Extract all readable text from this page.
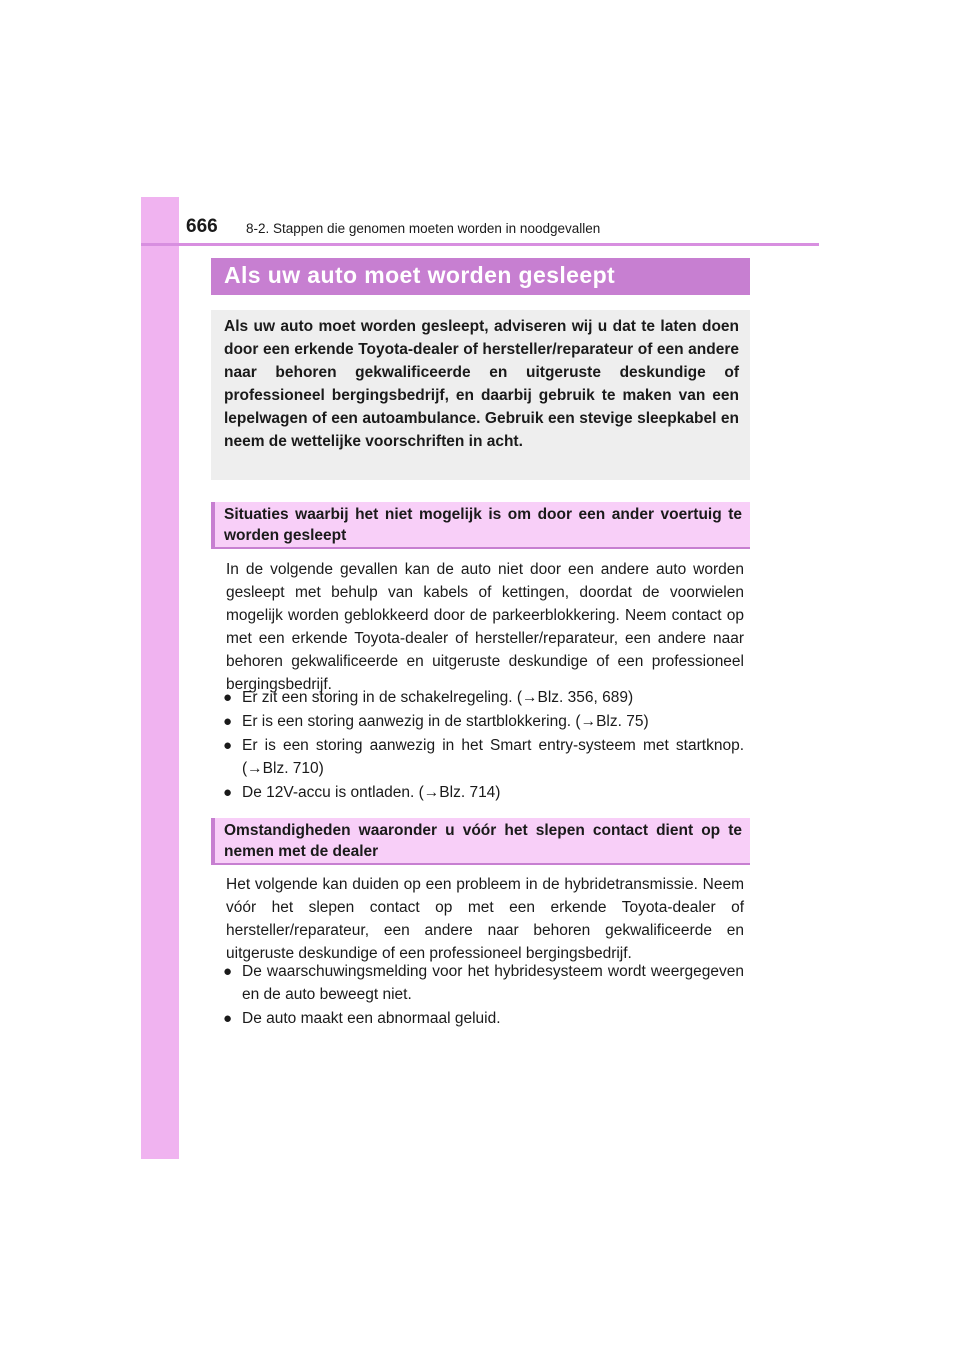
666 8-2. Stappen die genomen moeten worden in noodgevallen
Als uw auto moet worden gesleept

Als uw auto moet worden gesleept, adviseren wij u dat te laten doen door een erkende Toyota-dealer of hersteller/reparateur of een andere naar behoren gekwalificeerde en uitgeruste deskundige of professioneel bergingsbedrijf, en daarbij gebruik te maken van een lepelwagen of een autoambulance. Gebruik een stevige sleepkabel en neem de wettelijke voorschriften in acht.

Situaties waarbij het niet mogelijk is om door een ander voertuig te worden gesleept

In de volgende gevallen kan de auto niet door een andere auto worden gesleept met behulp van kabels of kettingen, doordat de voorwielen mogelijk worden geblokkeerd door de parkeerblokkering. Neem contact op met een erkende Toyota-dealer of hersteller/reparateur, een andere naar behoren gekwalificeerde en uitgeruste deskundige of een professioneel bergingsbedrijf.

● Er zit een storing in de schakelregeling. (→Blz. 356, 689)
● Er is een storing aanwezig in de startblokkering. (→Blz. 75)
● Er is een storing aanwezig in het Smart entry-systeem met startknop. (→Blz. 710)
● De 12V-accu is ontladen. (→Blz. 714)
Omstandigheden waaronder u vóór het slepen contact dient op te nemen met de dealer

Het volgende kan duiden op een probleem in de hybridetransmissie. Neem vóór het slepen contact op met een erkende Toyota-dealer of hersteller/reparateur, een andere naar behoren gekwalificeerde en uitgeruste deskundige of een professioneel bergingsbedrijf.

● De waarschuwingsmelding voor het hybridesysteem wordt weergegeven en de auto beweegt niet.
● De auto maakt een abnormaal geluid.
